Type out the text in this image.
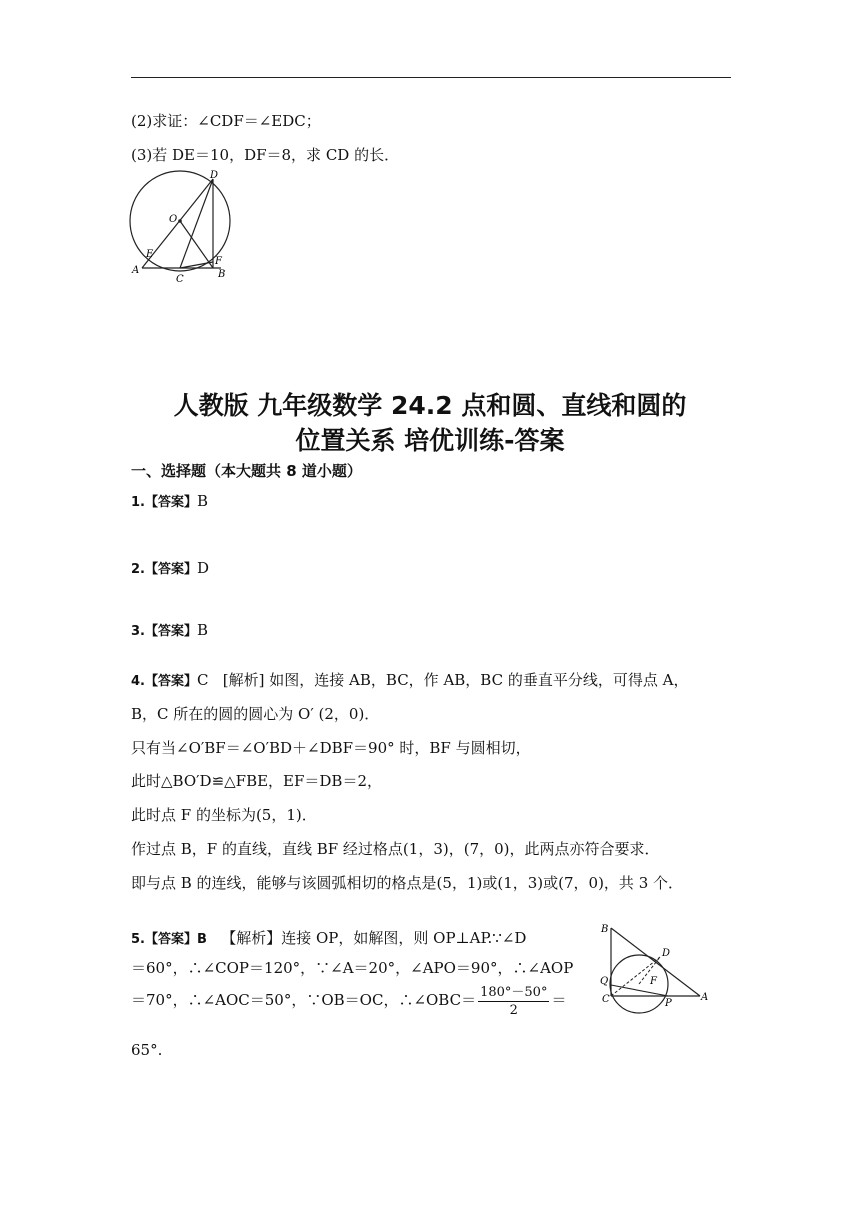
(2)求证：∠CDF＝∠EDC；
(3)若 DE＝10，DF＝8，求 CD 的长．
D
O
E
A
C
F
B
人教版 九年级数学 24.2 点和圆、直线和圆的
位置关系 培优训练-答案
一、选择题（本大题共 8 道小题）
1.【答案】B
2.【答案】D
3.【答案】B
4.【答案】C [解析] 如图，连接 AB，BC，作 AB，BC 的垂直平分线，可得点 A，
B，C 所在的圆的圆心为 O′ (2，0)．
只有当∠O′BF＝∠O′BD＋∠DBF＝90° 时，BF 与圆相切，
此时△BO′D≌△FBE，EF＝DB＝2，
此时点 F 的坐标为(5，1)．
作过点 B，F 的直线，直线 BF 经过格点(1，3)，(7，0)，此两点亦符合要求．
即与点 B 的连线，能够与该圆弧相切的格点是(5，1)或(1，3)或(7，0)，共 3 个．
5.【答案】B 【解析】连接 OP，如解图，则 OP⊥AP.∵∠D
＝60°，∴∠COP＝120°，∵∠A＝20°，∠APO＝90°，∴∠AOP
＝70°，∴∠AOC＝50°，∵OB＝OC，∴∠OBC＝ $\frac{180^\circ-50^\circ}{2}$ ＝
65°.
B
D
Q	F
C	P
A
